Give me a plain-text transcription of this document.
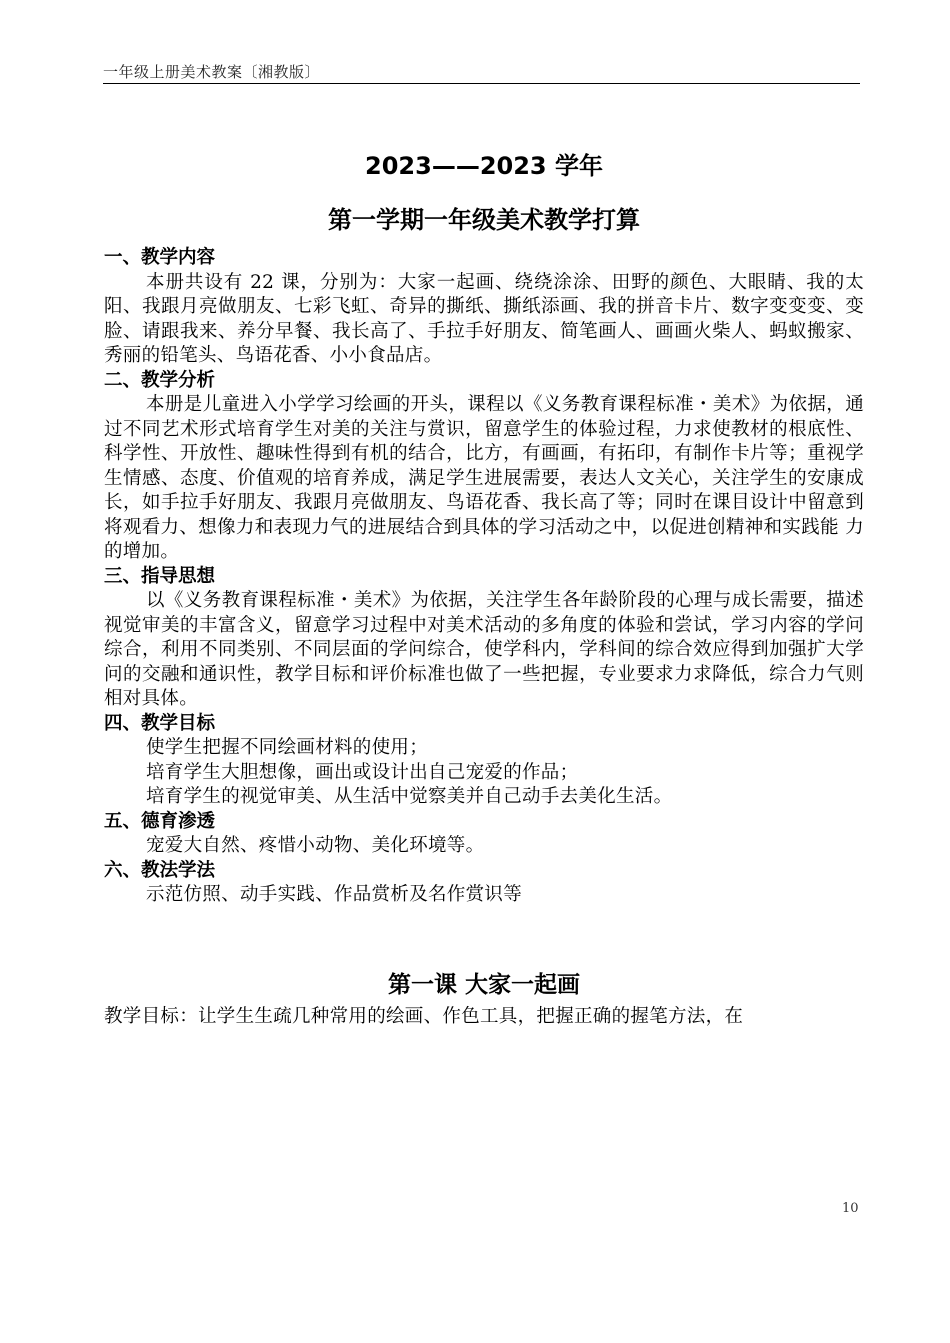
一年级上册美术教案〔湘教版〕
2023——2023 学年
第一学期一年级美术教学打算
一、教学内容
本册共设有 22 课，分别为：大家一起画、绕绕涂涂、田野的颜色、大眼睛、我的太阳、我跟月亮做朋友、七彩飞虹、奇异的撕纸、撕纸添画、我的拼音卡片、数字变变变、变脸、请跟我来、养分早餐、我长高了、手拉手好朋友、简笔画人、画画火柴人、蚂蚁搬家、秀丽的铅笔头、鸟语花香、小小食品店。
二、教学分析
本册是儿童进入小学学习绘画的开头，课程以《义务教育课程标准・美术》为依据，通过不同艺术形式培育学生对美的关注与赏识，留意学生的体验过程，力求使教材的根底性、科学性、开放性、趣味性得到有机的结合，比方，有画画，有拓印，有制作卡片等；重视学生情感、态度、价值观的培育养成，满足学生进展需要，表达人文关心，关注学生的安康成长，如手拉手好朋友、我跟月亮做朋友、鸟语花香、我长高了等；同时在课目设计中留意到将观看力、想像力和表现力气的进展结合到具体的学习活动之中，以促进创精神和实践能 力的增加。
三、指导思想
以《义务教育课程标准・美术》为依据，关注学生各年龄阶段的心理与成长需要，描述视觉审美的丰富含义，留意学习过程中对美术活动的多角度的体验和尝试，学习内容的学问综合，利用不同类别、不同层面的学问综合，使学科内，学科间的综合效应得到加强扩大学问的交融和通识性，教学目标和评价标准也做了一些把握，专业要求力求降低，综合力气则相对具体。
四、教学目标
使学生把握不同绘画材料的使用；
培育学生大胆想像，画出或设计出自己宠爱的作品；
培育学生的视觉审美、从生活中觉察美并自己动手去美化生活。
五、德育渗透
宠爱大自然、疼惜小动物、美化环境等。
六、教法学法
示范仿照、动手实践、作品赏析及名作赏识等
第一课 大家一起画
教学目标：让学生生疏几种常用的绘画、作色工具，把握正确的握笔方法，在
10
